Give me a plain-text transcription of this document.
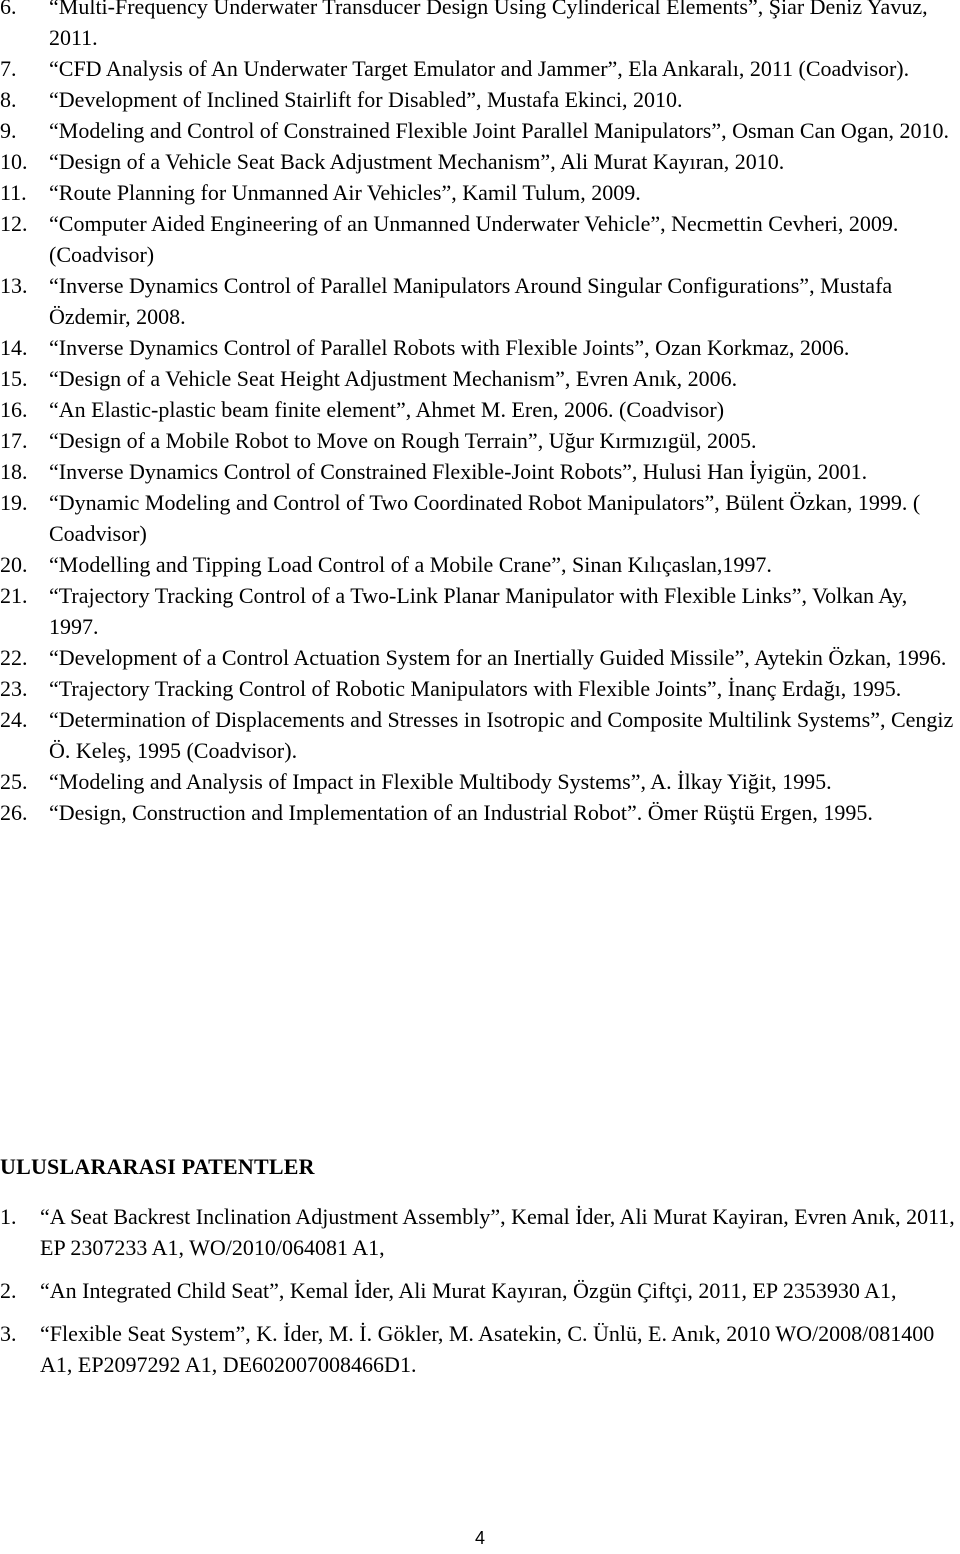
6.	“Multi-Frequency Underwater Transducer Design Using Cylinderical Elements”, Şiar Deniz Yavuz, 2011.
7.	“CFD Analysis of An Underwater Target Emulator and Jammer”, Ela Ankaralı, 2011 (Coadvisor).
8.	“Development of Inclined Stairlift for Disabled”, Mustafa Ekinci, 2010.
9.	“Modeling and Control of Constrained Flexible Joint Parallel Manipulators”, Osman Can Ogan, 2010.
10. “Design of a Vehicle Seat Back Adjustment Mechanism”, Ali Murat Kayıran, 2010.
11.	“Route Planning for Unmanned Air Vehicles”, Kamil Tulum, 2009.
12. “Computer Aided Engineering of an Unmanned Underwater Vehicle”, Necmettin Cevheri, 2009. (Coadvisor)
13. “Inverse Dynamics Control of Parallel Manipulators Around Singular Configurations”, Mustafa Özdemir, 2008.
14. “Inverse Dynamics Control of Parallel Robots with Flexible Joints”, Ozan Korkmaz, 2006.
15. “Design of a Vehicle Seat Height Adjustment Mechanism”, Evren Anık, 2006.
16. “An Elastic-plastic beam finite element”, Ahmet M. Eren, 2006. (Coadvisor)
17. “Design of a Mobile Robot to Move on Rough Terrain”, Uğur Kırmızıgül, 2005.
18. “Inverse Dynamics Control of Constrained Flexible-Joint Robots”, Hulusi Han İyigün, 2001.
19. “Dynamic Modeling and Control of Two Coordinated Robot Manipulators”, Bülent Özkan, 1999. ( Coadvisor)
20. “Modelling and Tipping Load Control of a Mobile Crane”, Sinan Kılıçaslan,1997.
21. “Trajectory Tracking Control of a Two-Link Planar Manipulator with Flexible Links”, Volkan Ay, 1997.
22. “Development of a Control Actuation System for an Inertially Guided Missile”, Aytekin Özkan, 1996.
23. “Trajectory Tracking Control of Robotic Manipulators with Flexible Joints”, İnanç Erdağı, 1995.
24. “Determination of Displacements and Stresses in Isotropic and Composite Multilink Systems”, Cengiz Ö. Keleş, 1995 (Coadvisor).
25. “Modeling and Analysis of Impact in Flexible Multibody Systems”, A. İlkay Yiğit, 1995.
26. “Design, Construction and Implementation of an Industrial Robot”. Ömer Rüştü Ergen, 1995.
ULUSLARARASI PATENTLER
1.	“A Seat Backrest Inclination Adjustment Assembly”, Kemal İder, Ali Murat Kayiran, Evren Anık, 2011, EP 2307233 A1, WO/2010/064081 A1,
2.	“An Integrated Child Seat”, Kemal İder, Ali Murat Kayıran, Özgün Çiftçi, 2011, EP 2353930 A1,
3.	“Flexible Seat System”, K. İder, M. İ. Gökler, M. Asatekin, C. Ünlü, E. Anık, 2010 WO/2008/081400 A1, EP2097292 A1, DE602007008466D1.
4
